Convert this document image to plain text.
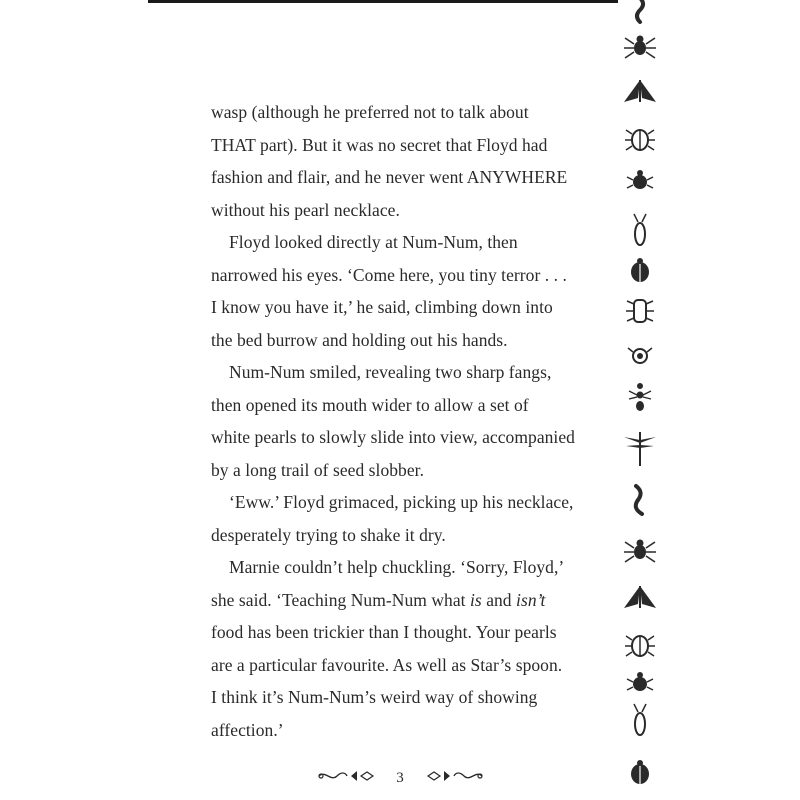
wasp (although he preferred not to talk about

THAT part). But it was no secret that Floyd had

fashion and flair, and he never went ANYWHERE

without his pearl necklace.

Floyd looked directly at Num-Num, then

narrowed his eyes. ‘Come here, you tiny terror . . .

I know you have it,’ he said, climbing down into

the bed burrow and holding out his hands.

Num-Num smiled, revealing two sharp fangs,

then opened its mouth wider to allow a set of

white pearls to slowly slide into view, accompanied

by a long trail of seed slobber.

‘Eww.’ Floyd grimaced, picking up his necklace,

desperately trying to shake it dry.

Marnie couldn’t help chuckling. ‘Sorry, Floyd,’

she said. ‘Teaching Num-Num what is and isn’t

food has been trickier than I thought. Your pearls

are a particular favourite. As well as Star’s spoon.

I think it’s Num-Num’s weird way of showing

affection.’

3
